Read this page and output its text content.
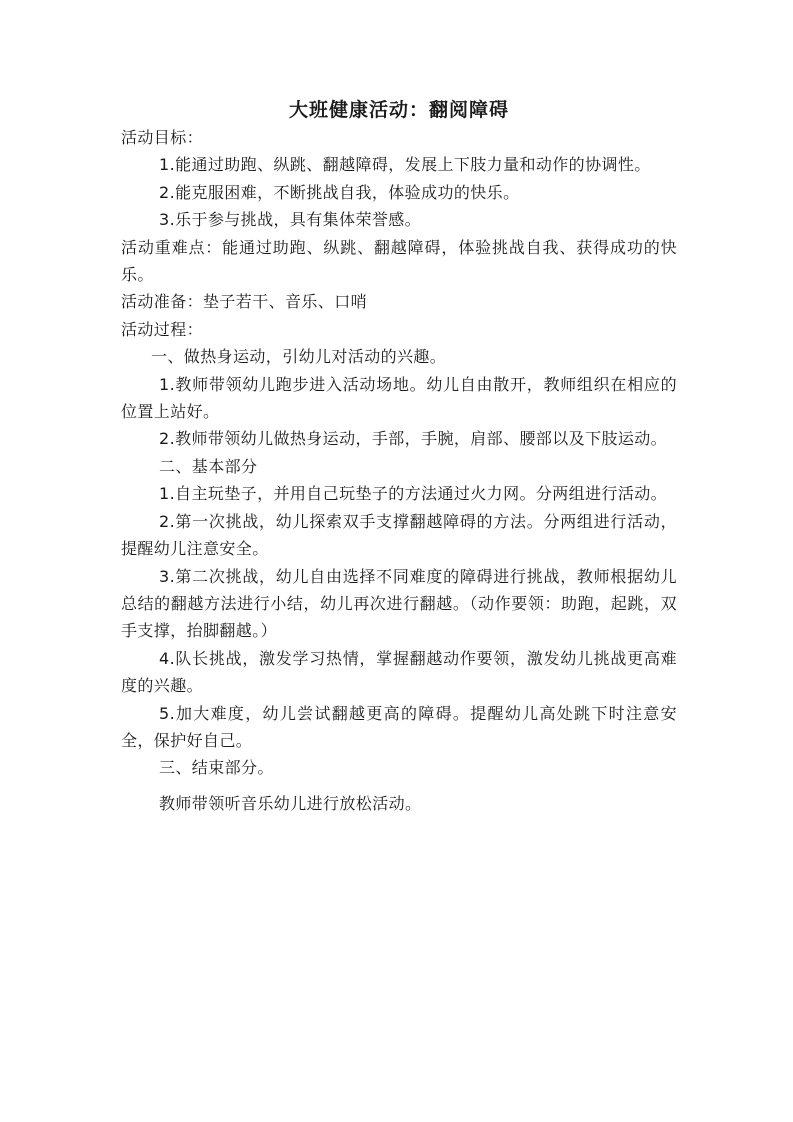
大班健康活动：翻阅障碍

活动目标：

1.能通过助跑、纵跳、翻越障碍，发展上下肢力量和动作的协调性。

2.能克服困难，不断挑战自我，体验成功的快乐。

3.乐于参与挑战，具有集体荣誉感。

活动重难点：能通过助跑、纵跳、翻越障碍，体验挑战自我、获得成功的快乐。

活动准备：垫子若干、音乐、口哨

活动过程：

一、做热身运动，引幼儿对活动的兴趣。

1.教师带领幼儿跑步进入活动场地。幼儿自由散开，教师组织在相应的位置上站好。

2.教师带领幼儿做热身运动，手部，手腕，肩部、腰部以及下肢运动。

二、基本部分

1.自主玩垫子，并用自己玩垫子的方法通过火力网。分两组进行活动。

2.第一次挑战，幼儿探索双手支撑翻越障碍的方法。分两组进行活动，提醒幼儿注意安全。

3.第二次挑战，幼儿自由选择不同难度的障碍进行挑战，教师根据幼儿总结的翻越方法进行小结，幼儿再次进行翻越。（动作要领：助跑，起跳，双手支撑，抬脚翻越。）

4.队长挑战，激发学习热情，掌握翻越动作要领，激发幼儿挑战更高难度的兴趣。

5.加大难度，幼儿尝试翻越更高的障碍。提醒幼儿高处跳下时注意安全，保护好自己。

三、结束部分。

教师带领听音乐幼儿进行放松活动。
